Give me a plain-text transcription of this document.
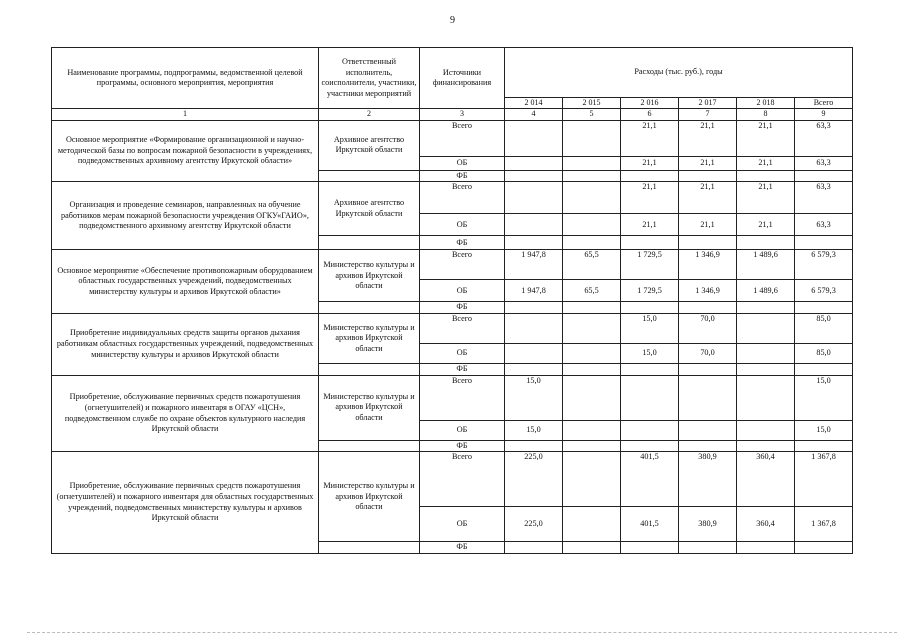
9
Наименование программы, подпрограммы, ведомственной целевой программы, основного мероприятия, мероприятия	Ответственный исполнитель, соисполнители, участники, участники мероприятий	Источники финансирования	Расходы (тыс. руб.), годы					
			2 014	2 015	2 016	2 017	2 018	Всего
1	2	3	4	5	6	7	8	9
Основное мероприятие «Формирование организационной и научно-методической базы по вопросам пожарной безопасности в учреждениях, подведомственных архивному агентству Иркутской области»	Архивное агентство Иркутской области	Всего			21,1	21,1	21,1	63,3
		ОБ			21,1	21,1	21,1	63,3
		ФБ						
Организация и проведение семинаров, направленных на обучение работников мерам пожарной безопасности учреждения ОГКУ«ГАИО», подведомственного архивному агентству Иркутской области	Архивное агентство Иркутской области	Всего			21,1	21,1	21,1	63,3
		ОБ			21,1	21,1	21,1	63,3
		ФБ						
Основное мероприятие «Обеспечение противопожарным оборудованием областных государственных учреждений, подведомственных министерству культуры и архивов Иркутской области»	Министерство культуры и архивов Иркутской области	Всего	1 947,8	65,5	1 729,5	1 346,9	1 489,6	6 579,3
		ОБ	1 947,8	65,5	1 729,5	1 346,9	1 489,6	6 579,3
		ФБ						
Приобретение индивидуальных средств защиты органов дыхания работникам областных государственных учреждений, подведомственных министерству культуры и архивов Иркутской области	Министерство культуры и архивов Иркутской области	Всего			15,0	70,0		85,0
		ОБ			15,0	70,0		85,0
		ФБ						
Приобретение, обслуживание первичных средств пожаротушения (огнетушителей) и пожарного инвентаря в ОГАУ «ЦСН», подведомственном службе по охране объектов культурного наследия Иркутской области	Министерство культуры и архивов Иркутской области	Всего	15,0					15,0
		ОБ	15,0					15,0
		ФБ						
Приобретение, обслуживание первичных средств пожаротушения (огнетушителей) и пожарного инвентаря для областных государственных учреждений, подведомственных министерству культуры и архивов Иркутской области	Министерство культуры и архивов Иркутской области	Всего	225,0		401,5	380,9	360,4	1 367,8
		ОБ	225,0		401,5	380,9	360,4	1 367,8
		ФБ						
